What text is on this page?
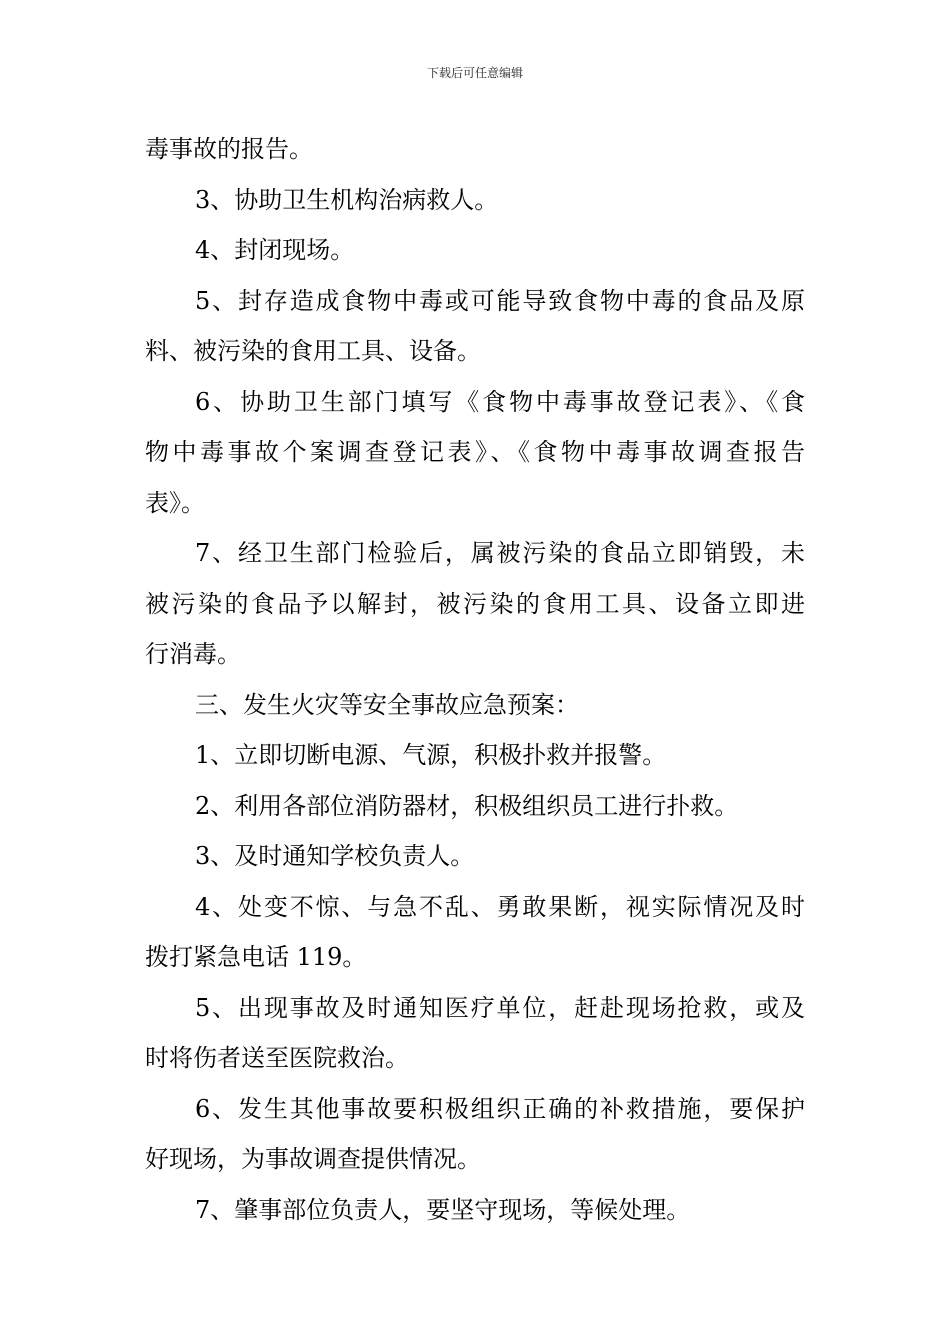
下载后可任意编辑
毒事故的报告。
3、协助卫生机构治病救人。
4、封闭现场。
5、封存造成食物中毒或可能导致食物中毒的食品及原
料、被污染的食用工具、设备。
6、协助卫生部门填写《食物中毒事故登记表》、《食
物中毒事故个案调查登记表》、《食物中毒事故调查报告
表》。
7、经卫生部门检验后，属被污染的食品立即销毁，未
被污染的食品予以解封，被污染的食用工具、设备立即进
行消毒。
三、发生火灾等安全事故应急预案：
1、立即切断电源、气源，积极扑救并报警。
2、利用各部位消防器材，积极组织员工进行扑救。
3、及时通知学校负责人。
4、处变不惊、与急不乱、勇敢果断，视实际情况及时
拨打紧急电话 119。
5、出现事故及时通知医疗单位，赶赴现场抢救，或及
时将伤者送至医院救治。
6、发生其他事故要积极组织正确的补救措施，要保护
好现场，为事故调查提供情况。
7、肇事部位负责人，要坚守现场，等候处理。
